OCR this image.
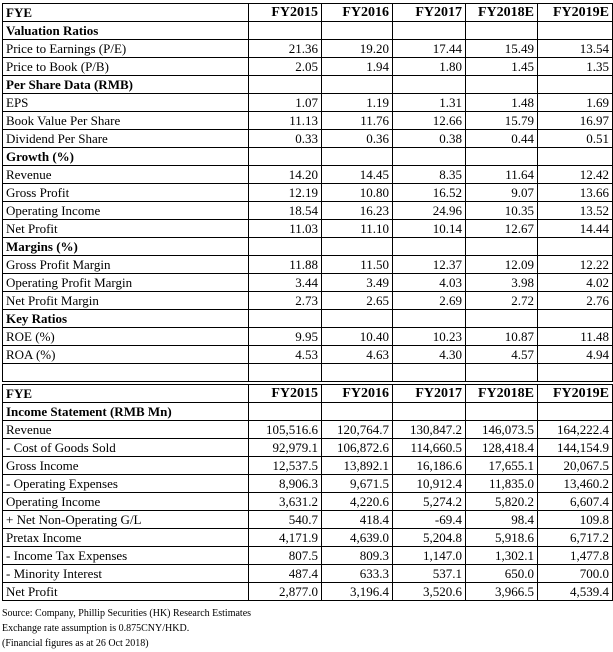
FYE	FY2015	FY2016	FY2017	FY2018E	FY2019E
Valuation Ratios					
Price to Earnings (P/E)	21.36	19.20	17.44	15.49	13.54
Price to Book (P/B)	2.05	1.94	1.80	1.45	1.35
Per Share Data (RMB)					
EPS	1.07	1.19	1.31	1.48	1.69
Book Value Per Share	11.13	11.76	12.66	15.79	16.97
Dividend Per Share	0.33	0.36	0.38	0.44	0.51
Growth (%)					
Revenue	14.20	14.45	8.35	11.64	12.42
Gross Profit	12.19	10.80	16.52	9.07	13.66
Operating Income	18.54	16.23	24.96	10.35	13.52
Net Profit	11.03	11.10	10.14	12.67	14.44
Margins (%)					
Gross Profit Margin	11.88	11.50	12.37	12.09	12.22
Operating Profit Margin	3.44	3.49	4.03	3.98	4.02
Net Profit Margin	2.73	2.65	2.69	2.72	2.76
Key Ratios					
ROE (%)	9.95	10.40	10.23	10.87	11.48
ROA (%)	4.53	4.63	4.30	4.57	4.94

FYE	FY2015	FY2016	FY2017	FY2018E	FY2019E
Income Statement (RMB Mn)					
Revenue	105,516.6	120,764.7	130,847.2	146,073.5	164,222.4
- Cost of Goods Sold	92,979.1	106,872.6	114,660.5	128,418.4	144,154.9
Gross Income	12,537.5	13,892.1	16,186.6	17,655.1	20,067.5
- Operating Expenses	8,906.3	9,671.5	10,912.4	11,835.0	13,460.2
Operating Income	3,631.2	4,220.6	5,274.2	5,820.2	6,607.4
+ Net Non-Operating G/L	540.7	418.4	-69.4	98.4	109.8
Pretax Income	4,171.9	4,639.0	5,204.8	5,918.6	6,717.2
- Income Tax Expenses	807.5	809.3	1,147.0	1,302.1	1,477.8
- Minority Interest	487.4	633.3	537.1	650.0	700.0
Net Profit	2,877.0	3,196.4	3,520.6	3,966.5	4,539.4
Source: Company, Phillip Securities (HK) Research Estimates
Exchange rate assumption is 0.875CNY/HKD.
(Financial figures as at 26 Oct 2018)
